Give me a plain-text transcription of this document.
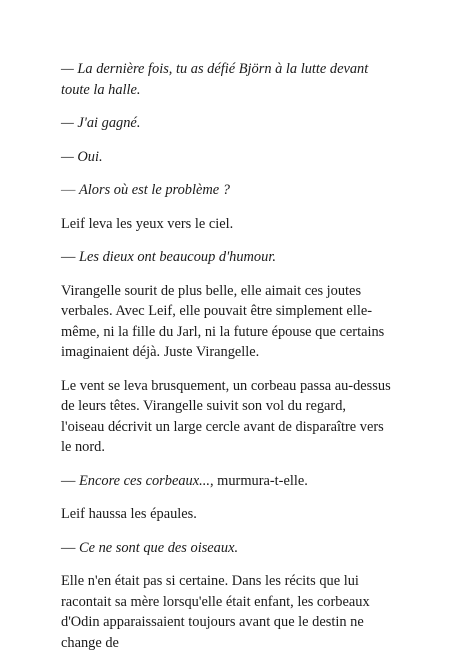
— La dernière fois, tu as défié Björn à la lutte devant toute la halle.

— J'ai gagné.

— Oui.

— Alors où est le problème ?

Leif leva les yeux vers le ciel.

— Les dieux ont beaucoup d'humour.

Virangelle sourit de plus belle, elle aimait ces joutes verbales. Avec Leif, elle pouvait être simplement elle-même, ni la fille du Jarl, ni la future épouse que certains imaginaient déjà. Juste Virangelle.

Le vent se leva brusquement, un corbeau passa au-dessus de leurs têtes. Virangelle suivit son vol du regard, l'oiseau décrivit un large cercle avant de disparaître vers le nord.

— Encore ces corbeaux..., murmura-t-elle.

Leif haussa les épaules.

— Ce ne sont que des oiseaux.

Elle n'en était pas si certaine. Dans les récits que lui racontait sa mère lorsqu'elle était enfant, les corbeaux d'Odin apparaissaient toujours avant que le destin ne change de
